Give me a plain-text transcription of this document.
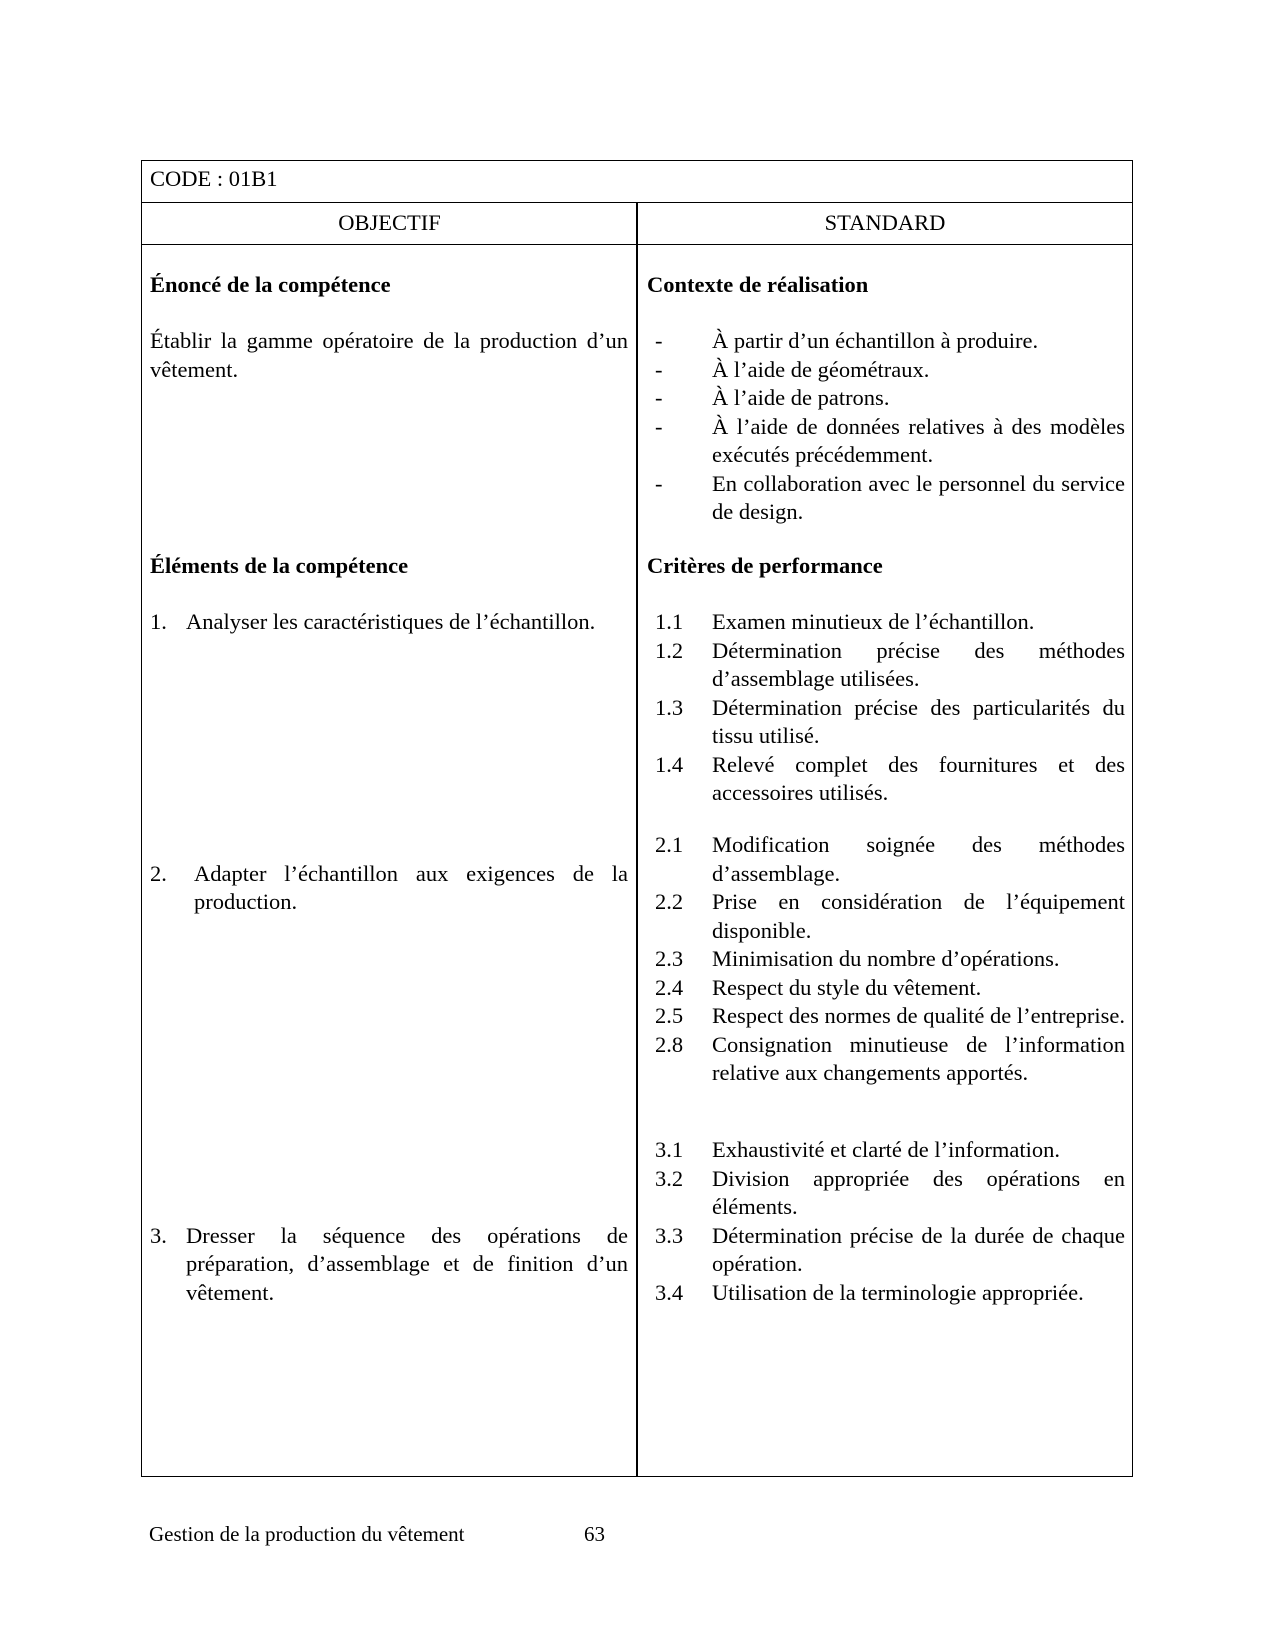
CODE : 01B1
OBJECTIF	STANDARD
Énoncé de la compétence
Établir la gamme opératoire de la production d’un vêtement.
Éléments de la compétence
1. Analyser les caractéristiques de l’échantillon.
2. Adapter l’échantillon aux exigences de la production.
3. Dresser la séquence des opérations de préparation, d’assemblage et de finition d’un vêtement.
Contexte de réalisation
- À partir d’un échantillon à produire.
- À l’aide de géométraux.
- À l’aide de patrons.
- À l’aide de données relatives à des modèles exécutés précédemment.
- En collaboration avec le personnel du service de design.
Critères de performance
1.1 Examen minutieux de l’échantillon.
1.2 Détermination précise des méthodes d’assemblage utilisées.
1.3 Détermination précise des particularités du tissu utilisé.
1.4 Relevé complet des fournitures et des accessoires utilisés.
2.1 Modification soignée des méthodes d’assemblage.
2.2 Prise en considération de l’équipement disponible.
2.3 Minimisation du nombre d’opérations.
2.4 Respect du style du vêtement.
2.5 Respect des normes de qualité de l’entreprise.
2.8 Consignation minutieuse de l’information relative aux changements apportés.
3.1 Exhaustivité et clarté de l’information.
3.2 Division appropriée des opérations en éléments.
3.3 Détermination précise de la durée de chaque opération.
3.4 Utilisation de la terminologie appropriée.
Gestion de la production du vêtement	63
